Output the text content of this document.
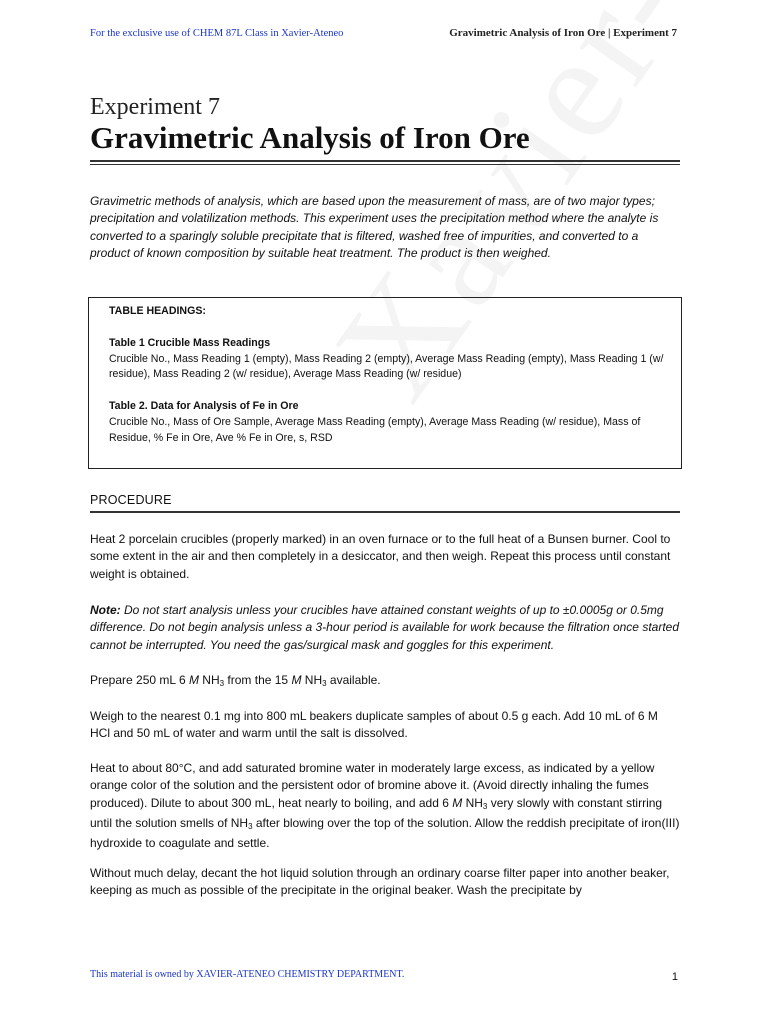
For the exclusive use of CHEM 87L Class in Xavier-Ateneo	Gravimetric Analysis of Iron Ore | Experiment 7
Experiment 7
Gravimetric Analysis of Iron Ore
Gravimetric methods of analysis, which are based upon the measurement of mass, are of two major types; precipitation and volatilization methods. This experiment uses the precipitation method where the analyte is converted to a sparingly soluble precipitate that is filtered, washed free of impurities, and converted to a product of known composition by suitable heat treatment. The product is then weighed.
TABLE HEADINGS:
Table 1 Crucible Mass Readings
Crucible No., Mass Reading 1 (empty), Mass Reading 2 (empty), Average Mass Reading (empty), Mass Reading 1 (w/ residue), Mass Reading 2 (w/ residue), Average Mass Reading (w/ residue)
Table 2. Data for Analysis of Fe in Ore
Crucible No., Mass of Ore Sample, Average Mass Reading (empty), Average Mass Reading (w/ residue), Mass of Residue, % Fe in Ore, Ave % Fe in Ore, s, RSD
PROCEDURE
Heat 2 porcelain crucibles (properly marked) in an oven furnace or to the full heat of a Bunsen burner. Cool to some extent in the air and then completely in a desiccator, and then weigh. Repeat this process until constant weight is obtained.
Note: Do not start analysis unless your crucibles have attained constant weights of up to ±0.0005g or 0.5mg difference. Do not begin analysis unless a 3-hour period is available for work because the filtration once started cannot be interrupted. You need the gas/surgical mask and goggles for this experiment.
Prepare 250 mL 6 M $NH_3$ from the 15 M $NH_3$ available.
Weigh to the nearest 0.1 mg into 800 mL beakers duplicate samples of about 0.5 g each. Add 10 mL of 6 M HCl and 50 mL of water and warm until the salt is dissolved.
Heat to about 80°C, and add saturated bromine water in moderately large excess, as indicated by a yellow orange color of the solution and the persistent odor of bromine above it. (Avoid directly inhaling the fumes produced). Dilute to about 300 mL, heat nearly to boiling, and add 6 M $NH_3$ very slowly with constant stirring until the solution smells of $NH_3$ after blowing over the top of the solution. Allow the reddish precipitate of iron(III) hydroxide to coagulate and settle.
Without much delay, decant the hot liquid solution through an ordinary coarse filter paper into another beaker, keeping as much as possible of the precipitate in the original beaker. Wash the precipitate by
This material is owned by XAVIER-ATENEO CHEMISTRY DEPARTMENT.	1
